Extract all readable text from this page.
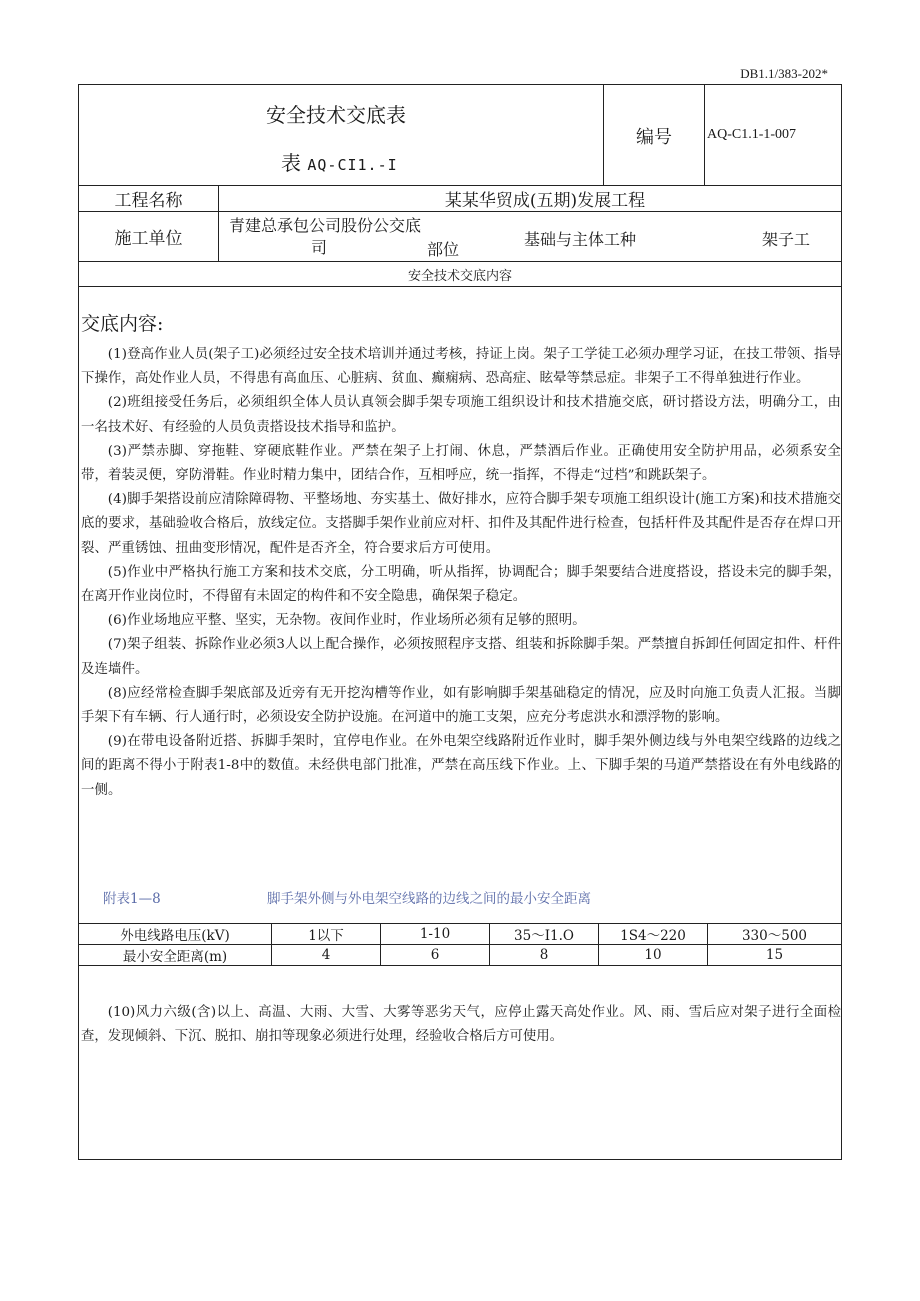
DB1.1/383-202*
安全技术交底表
表 AQ-CI1.-I
编号	AQ-C1.1-1-007
工程名称	某某华贸成(五期)发展工程
施工单位
青建总承包公司股份公交底
司	部位
基础与主体工种	架子工
安全技术交底内容
交底内容:

(1)登高作业人员(架子工)必须经过安全技术培训并通过考核，持证上岗。架子工学徒工必须办理学习证，在技工带领、指导下操作，高处作业人员，不得患有高血压、心脏病、贫血、癫痫病、恐高症、眩晕等禁忌症。非架子工不得单独进行作业。

(2)班组接受任务后，必须组织全体人员认真领会脚手架专项施工组织设计和技术措施交底，研讨搭设方法，明确分工，由一名技术好、有经验的人员负责搭设技术指导和监护。

(3)严禁赤脚、穿拖鞋、穿硬底鞋作业。严禁在架子上打闹、休息，严禁酒后作业。正确使用安全防护用品，必须系安全带，着装灵便，穿防滑鞋。作业时精力集中，团结合作，互相呼应，统一指挥，不得走“过档”和跳跃架子。

(4)脚手架搭设前应清除障碍物、平整场地、夯实基土、做好排水，应符合脚手架专项施工组织设计(施工方案)和技术措施交底的要求，基础验收合格后，放线定位。支搭脚手架作业前应对杆、扣件及其配件进行检查，包括杆件及其配件是否存在焊口开裂、严重锈蚀、扭曲变形情况，配件是否齐全，符合要求后方可使用。

(5)作业中严格执行施工方案和技术交底，分工明确，听从指挥，协调配合；脚手架要结合进度搭设，搭设未完的脚手架，在离开作业岗位时，不得留有未固定的构件和不安全隐患，确保架子稳定。

(6)作业场地应平整、坚实，无杂物。夜间作业时，作业场所必须有足够的照明。

(7)架子组装、拆除作业必须3人以上配合操作，必须按照程序支搭、组装和拆除脚手架。严禁擅自拆卸任何固定扣件、杆件及连墙件。

(8)应经常检查脚手架底部及近旁有无开挖沟槽等作业，如有影响脚手架基础稳定的情况，应及时向施工负责人汇报。当脚手架下有车辆、行人通行时，必须设安全防护设施。在河道中的施工支架，应充分考虑洪水和漂浮物的影响。

(9)在带电设备附近搭、拆脚手架时，宜停电作业。在外电架空线路附近作业时，脚手架外侧边线与外电架空线路的边线之间的距离不得小于附表1-8中的数值。未经供电部门批准，严禁在高压线下作业。上、下脚手架的马道严禁搭设在有外电线路的一侧。

附表1—8	脚手架外侧与外电架空线路的边线之间的最小安全距离
外电线路电压(kV)	1以下	1-10	35～I1.O	1S4～220	330～500
最小安全距离(m)	4	6	8	10	15

(10)风力六级(含)以上、高温、大雨、大雪、大雾等恶劣天气，应停止露天高处作业。风、雨、雪后应对架子进行全面检查，发现倾斜、下沉、脱扣、崩扣等现象必须进行处理，经验收合格后方可使用。
